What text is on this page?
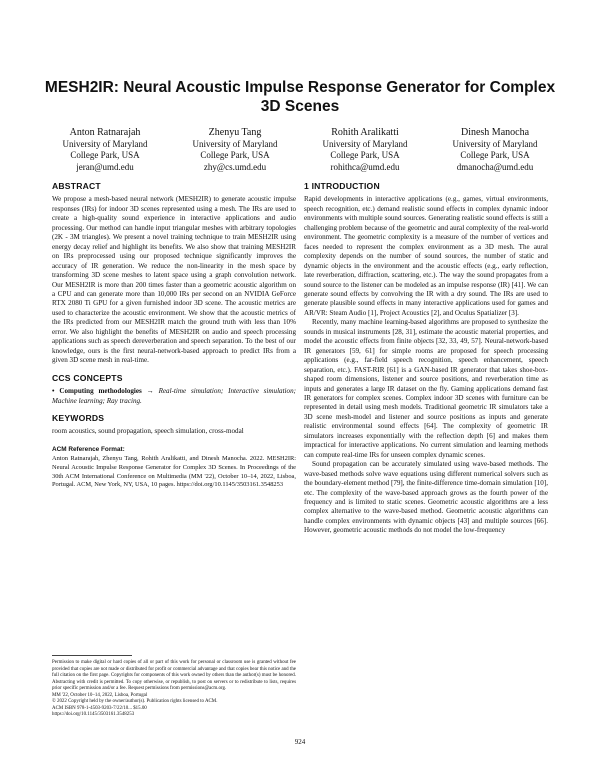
MESH2IR: Neural Acoustic Impulse Response Generator for Complex 3D Scenes
Anton Ratnarajah
University of Maryland
College Park, USA
jeran@umd.edu
Zhenyu Tang
University of Maryland
College Park, USA
zhy@cs.umd.edu
Rohith Aralikatti
University of Maryland
College Park, USA
rohithca@umd.edu
Dinesh Manocha
University of Maryland
College Park, USA
dmanocha@umd.edu
ABSTRACT

We propose a mesh-based neural network (MESH2IR) to generate acoustic impulse responses (IRs) for indoor 3D scenes represented using a mesh. The IRs are used to create a high-quality sound experience in interactive applications and audio processing. Our method can handle input triangular meshes with arbitrary topologies (2K - 3M triangles). We present a novel training technique to train MESH2IR using energy decay relief and highlight its benefits. We also show that training MESH2IR on IRs preprocessed using our proposed technique significantly improves the accuracy of IR generation. We reduce the non-linearity in the mesh space by transforming 3D scene meshes to latent space using a graph convolution network. Our MESH2IR is more than 200 times faster than a geometric acoustic algorithm on a CPU and can generate more than 10,000 IRs per second on an NVIDIA GeForce RTX 2080 Ti GPU for a given furnished indoor 3D scene. The acoustic metrics are used to characterize the acoustic environment. We show that the acoustic metrics of the IRs predicted from our MESH2IR match the ground truth with less than 10% error. We also highlight the benefits of MESH2IR on audio and speech processing applications such as speech dereverberation and speech separation. To the best of our knowledge, ours is the first neural-network-based approach to predict IRs from a given 3D scene mesh in real-time.

CCS CONCEPTS

• Computing methodologies → Real-time simulation; Interactive simulation; Machine learning; Ray tracing.

KEYWORDS

room acoustics, sound propagation, speech simulation, cross-modal

ACM Reference Format:

Anton Ratnarajah, Zhenyu Tang, Rohith Aralikatti, and Dinesh Manocha. 2022. MESH2IR: Neural Acoustic Impulse Response Generator for Complex 3D Scenes. In Proceedings of the 30th ACM International Conference on Multimedia (MM '22), October 10–14, 2022, Lisboa, Portugal. ACM, New York, NY, USA, 10 pages. https://doi.org/10.1145/3503161.3548253

Permission to make digital or hard copies of all or part of this work for personal or classroom use is granted without fee provided that copies are not made or distributed for profit or commercial advantage and that copies bear this notice and the full citation on the first page. Copyrights for components of this work owned by others than the author(s) must be honored. Abstracting with credit is permitted. To copy otherwise, or republish, to post on servers or to redistribute to lists, requires prior specific permission and/or a fee. Request permissions from permissions@acm.org.

MM '22, October 10–14, 2022, Lisboa, Portugal

© 2022 Copyright held by the owner/author(s). Publication rights licensed to ACM.

ACM ISBN 978-1-4503-9203-7/22/10... $15.00

https://doi.org/10.1145/3503161.3548253

1 INTRODUCTION

Rapid developments in interactive applications (e.g., games, virtual environments, speech recognition, etc.) demand realistic sound effects in complex dynamic indoor environments with multiple sound sources. Generating realistic sound effects is still a challenging problem because of the geometric and aural complexity of the real-world environment. The geometric complexity is a measure of the number of vertices and faces needed to represent the complex environment as a 3D mesh. The aural complexity depends on the number of sound sources, the number of static and dynamic objects in the environment and the acoustic effects (e.g., early reflection, late reverberation, diffraction, scattering, etc.). The way the sound propagates from a sound source to the listener can be modeled as an impulse response (IR) [41]. We can generate sound effects by convolving the IR with a dry sound. The IRs are used to generate plausible sound effects in many interactive applications used for games and AR/VR: Steam Audio [1], Project Acoustics [2], and Oculus Spatializer [3].

Recently, many machine learning-based algorithms are proposed to synthesize the sounds in musical instruments [28, 31], estimate the acoustic material properties, and model the acoustic effects from finite objects [32, 33, 49, 57]. Neural-network-based IR generators [59, 61] for simple rooms are proposed for speech processing applications (e.g., far-field speech recognition, speech enhancement, speech separation, etc.). FAST-RIR [61] is a GAN-based IR generator that takes shoe-box-shaped room dimensions, listener and source positions, and reverberation time as inputs and generates a large IR dataset on the fly. Gaming applications demand fast IR generators for complex scenes. Complex indoor 3D scenes with furniture can be represented in detail using mesh models. Traditional geometric IR simulators take a 3D scene mesh-model and listener and source positions as inputs and generate realistic environmental sound effects [64]. The complexity of geometric IR simulators increases exponentially with the reflection depth [6] and makes them impractical for interactive applications. No current simulation and learning methods can compute real-time IRs for unseen complex dynamic scenes.

Sound propagation can be accurately simulated using wave-based methods. The wave-based methods solve wave equations using different numerical solvers such as the boundary-element method [79], the finite-difference time-domain simulation [10], etc. The complexity of the wave-based approach grows as the fourth power of the frequency and is limited to static scenes. Geometric acoustic algorithms are a less complex alternative to the wave-based method. Geometric acoustic algorithms can handle complex environments with dynamic objects [43] and multiple sources [66]. However, geometric acoustic methods do not model the low-frequency

924
